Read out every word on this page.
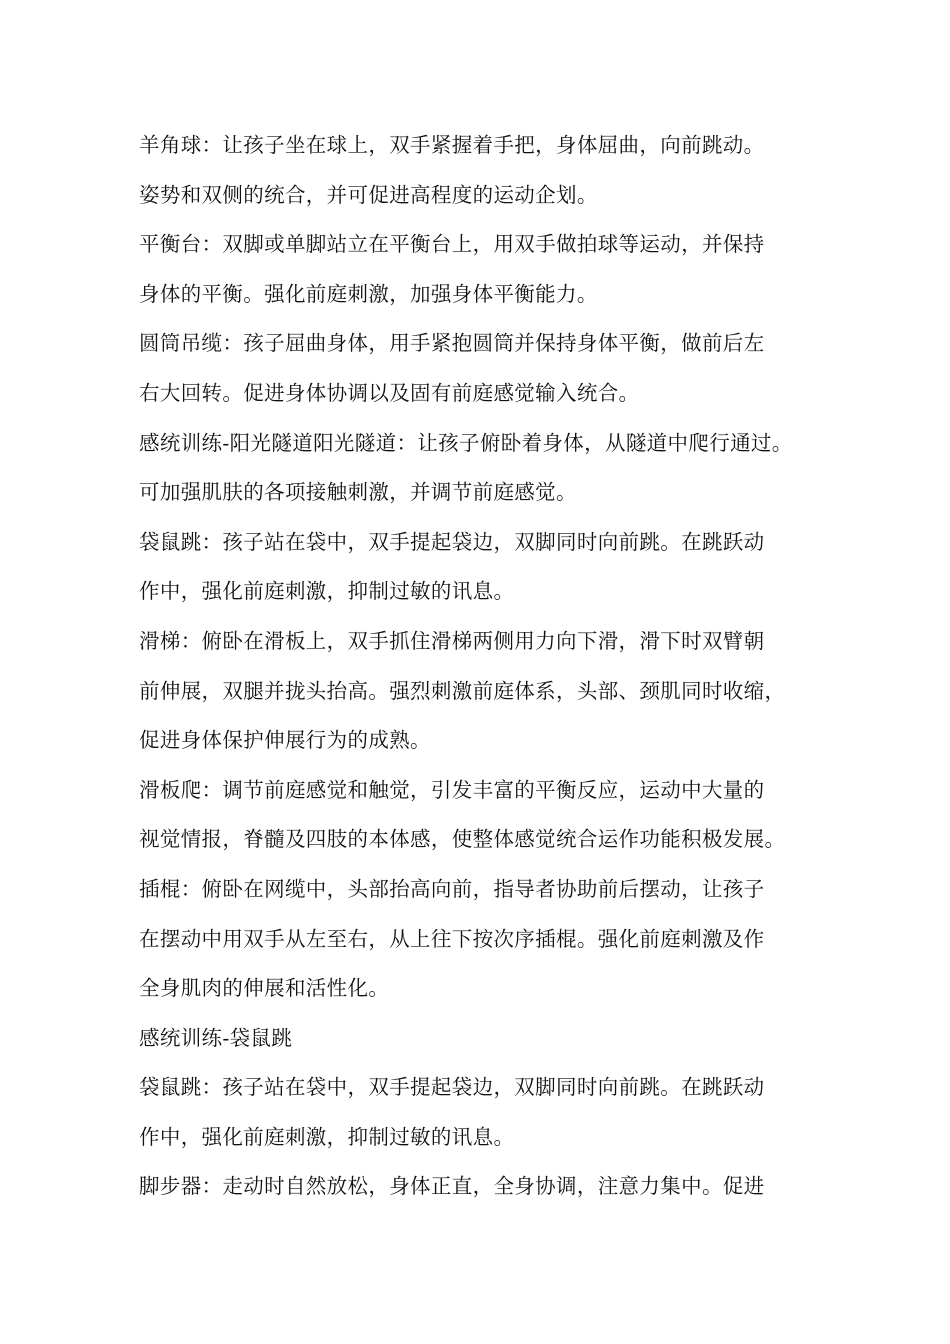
羊角球：让孩子坐在球上，双手紧握着手把，身体屈曲，向前跳动。
姿势和双侧的统合，并可促进高程度的运动企划。
平衡台：双脚或单脚站立在平衡台上，用双手做拍球等运动，并保持
身体的平衡。强化前庭刺激，加强身体平衡能力。
圆筒吊缆：孩子屈曲身体，用手紧抱圆筒并保持身体平衡，做前后左
右大回转。促进身体协调以及固有前庭感觉输入统合。
感统训练-阳光隧道阳光隧道：让孩子俯卧着身体，从隧道中爬行通过。
可加强肌肤的各项接触刺激，并调节前庭感觉。
袋鼠跳：孩子站在袋中，双手提起袋边，双脚同时向前跳。在跳跃动
作中，强化前庭刺激，抑制过敏的讯息。
滑梯：俯卧在滑板上，双手抓住滑梯两侧用力向下滑，滑下时双臂朝
前伸展，双腿并拢头抬高。强烈刺激前庭体系，头部、颈肌同时收缩，
促进身体保护伸展行为的成熟。
滑板爬：调节前庭感觉和触觉，引发丰富的平衡反应，运动中大量的
视觉情报，脊髓及四肢的本体感，使整体感觉统合运作功能积极发展。
插棍：俯卧在网缆中，头部抬高向前，指导者协助前后摆动，让孩子
在摆动中用双手从左至右，从上往下按次序插棍。强化前庭刺激及作
全身肌肉的伸展和活性化。
感统训练-袋鼠跳
袋鼠跳：孩子站在袋中，双手提起袋边，双脚同时向前跳。在跳跃动
作中，强化前庭刺激，抑制过敏的讯息。
脚步器：走动时自然放松，身体正直，全身协调，注意力集中。促进
